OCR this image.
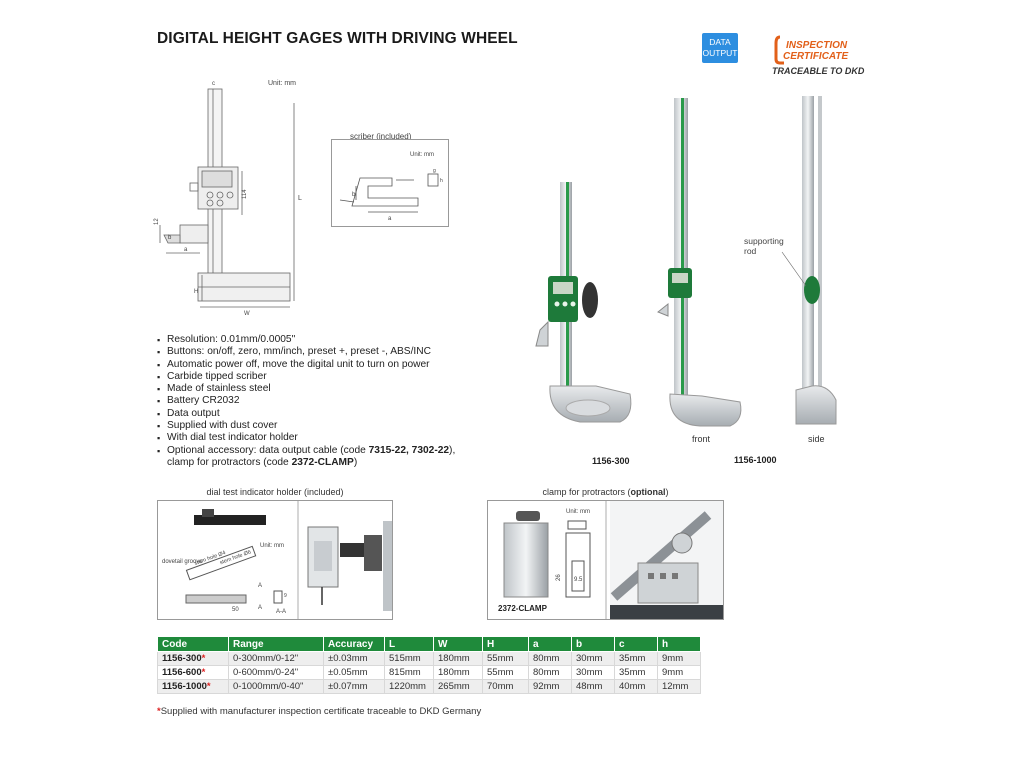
DIGITAL HEIGHT GAGES WITH DRIVING WHEEL	DATA
OUTPUT
INSPECTION
CERTIFICATE
TRACEABLE TO DKD
c	Unit: mm
L
114
12
b
a
H
W
scriber (included)
Unit: mm
b
a
g
h
▪ Resolution: 0.01mm/0.0005"
▪ Buttons: on/off, zero, mm/inch, preset +, preset -, ABS/INC
▪ Automatic power off, move the digital unit to turn on power
▪ Carbide tipped scriber
▪ Made of stainless steel
▪ Battery CR2032
▪ Data output
▪ Supplied with dust cover
▪ With dial test indicator holder
▪ Optional accessory: data output cable (code 7315-22, 7302-22),
clamp for protractors (code 2372-CLAMP)	1156-300
front	side
supporting rod
1156-1000
dial test indicator holder (included)
Unit: mm
dovetail groove
stem hole Ø4
stem hole Ø6
50
A
A
A-A
9
clamp for protractors (optional)
Unit: mm
26 9.5
2372-CLAMP
Code	Range	Accuracy	L	W	H	a	b	c	h
1156-300*	0-300mm/0-12"	±0.03mm	515mm	180mm	55mm	80mm	30mm	35mm	9mm
1156-600*	0-600mm/0-24"	±0.05mm	815mm	180mm	55mm	80mm	30mm	35mm	9mm
1156-1000*	0-1000mm/0-40"	±0.07mm	1220mm	265mm	70mm	92mm	48mm	40mm	12mm
*Supplied with manufacturer inspection certificate traceable to DKD Germany
